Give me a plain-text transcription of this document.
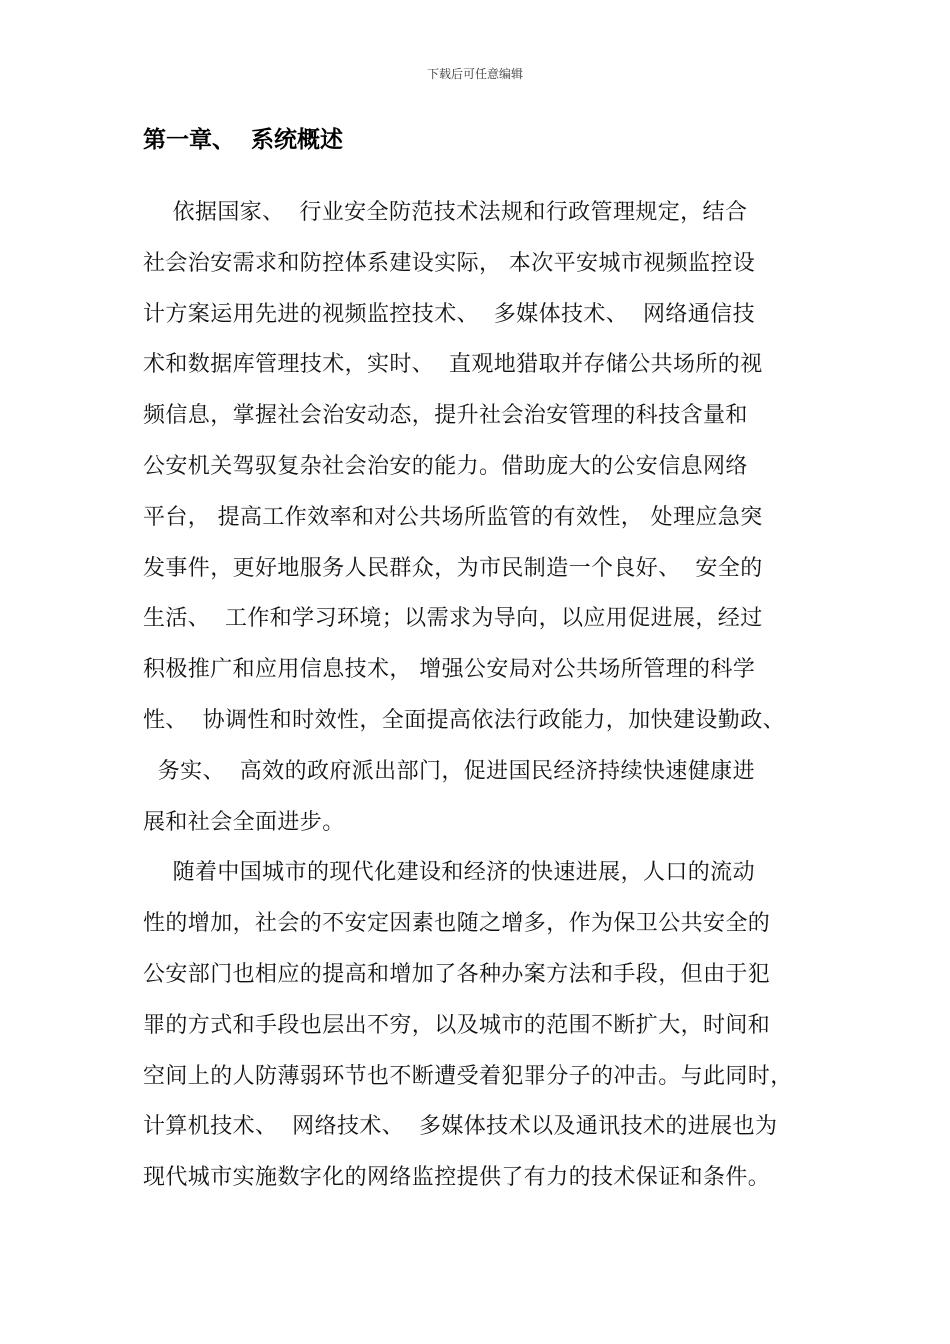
下载后可任意编辑
第一章、  系统概述
依据国家、  行业安全防范技术法规和行政管理规定，结合
社会治安需求和防控体系建设实际， 本次平安城市视频监控设
计方案运用先进的视频监控技术、  多媒体技术、  网络通信技
术和数据库管理技术，实时、  直观地猎取并存储公共场所的视
频信息，掌握社会治安动态，提升社会治安管理的科技含量和
公安机关驾驭复杂社会治安的能力。借助庞大的公安信息网络
平台， 提高工作效率和对公共场所监管的有效性， 处理应急突
发事件，更好地服务人民群众，为市民制造一个良好、  安全的
生活、  工作和学习环境；以需求为导向，以应用促进展，经过
积极推广和应用信息技术， 增强公安局对公共场所管理的科学
性、  协调性和时效性，全面提高依法行政能力，加快建设勤政、
务实、  高效的政府派出部门，促进国民经济持续快速健康进
展和社会全面进步。
随着中国城市的现代化建设和经济的快速进展，人口的流动
性的增加，社会的不安定因素也随之增多，作为保卫公共安全的
公安部门也相应的提高和增加了各种办案方法和手段，但由于犯
罪的方式和手段也层出不穷，以及城市的范围不断扩大，时间和
空间上的人防薄弱环节也不断遭受着犯罪分子的冲击。与此同时，
计算机技术、  网络技术、  多媒体技术以及通讯技术的进展也为
现代城市实施数字化的网络监控提供了有力的技术保证和条件。
